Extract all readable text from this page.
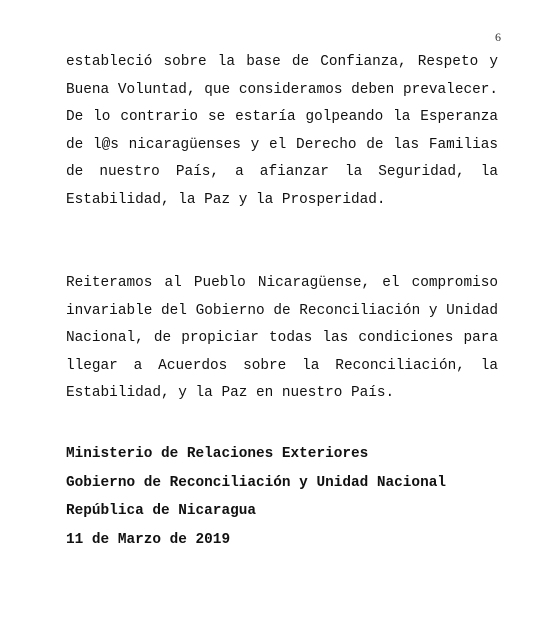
6

estableció sobre la base de Confianza, Respeto y Buena Voluntad, que consideramos deben prevalecer. De lo contrario se estaría golpeando la Esperanza de l@s nicaragüenses y el Derecho de las Familias de nuestro País, a afianzar la Seguridad, la Estabilidad, la Paz y la Prosperidad.

Reiteramos al Pueblo Nicaragüense, el compromiso invariable del Gobierno de Reconciliación y Unidad Nacional, de propiciar todas las condiciones para llegar a Acuerdos sobre la Reconciliación, la Estabilidad, y la Paz en nuestro País.

Ministerio de Relaciones Exteriores
Gobierno de Reconciliación y Unidad Nacional
República de Nicaragua
11 de Marzo de 2019
